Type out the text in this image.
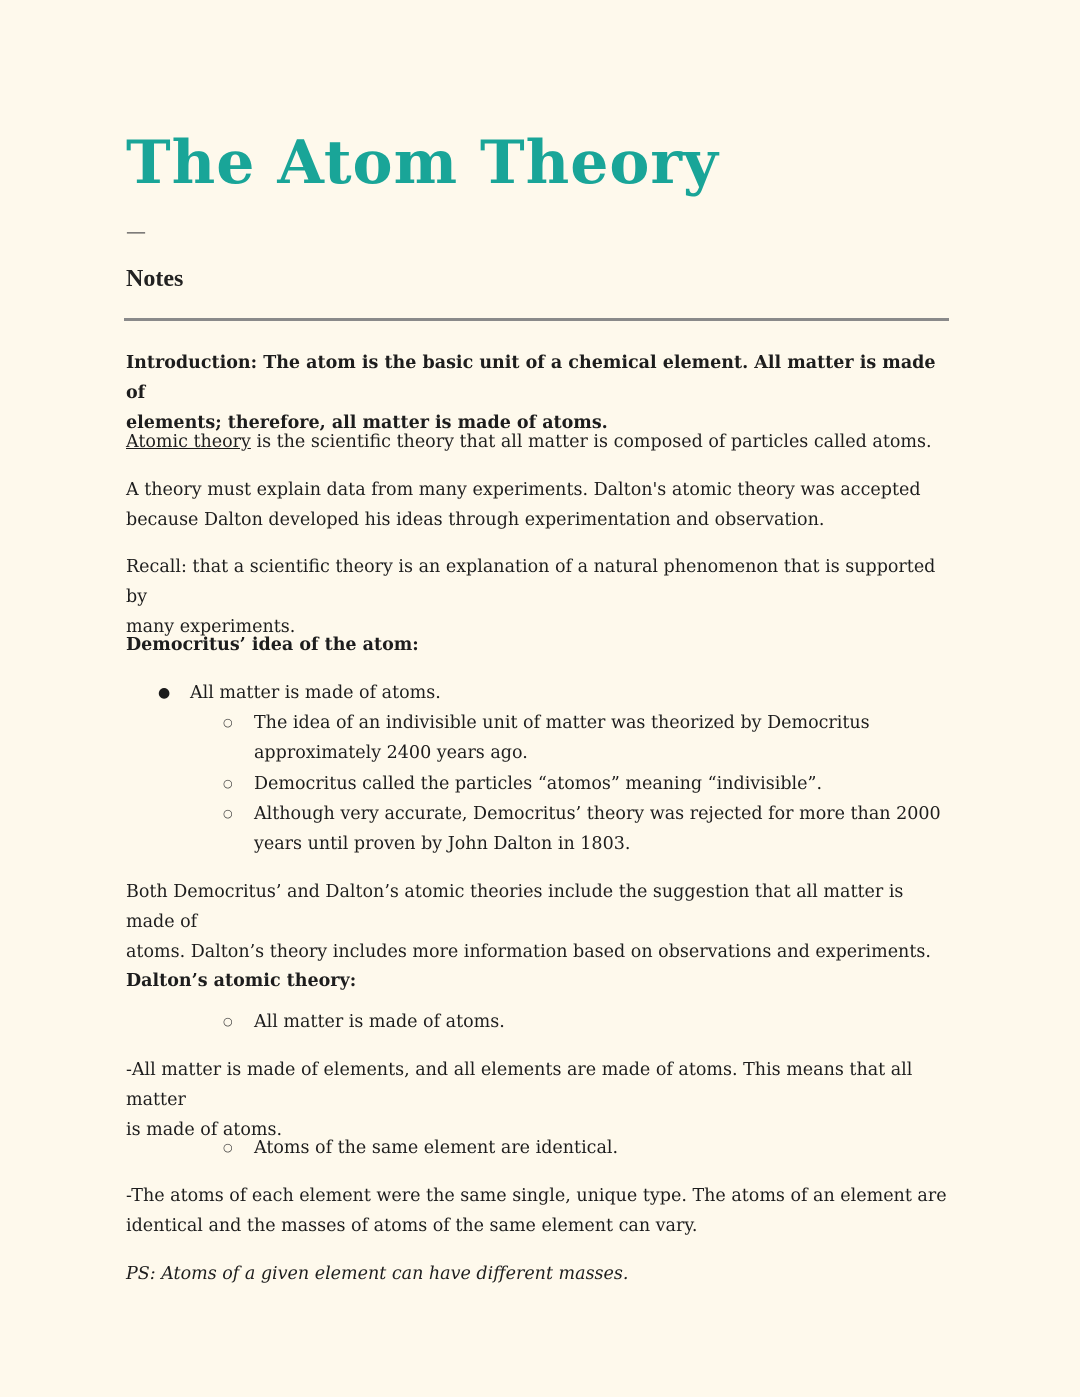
The Atom Theory
—
Notes

Introduction: The atom is the basic unit of a chemical element. All matter is made of
elements; therefore, all matter is made of atoms.

Atomic theory is the scientific theory that all matter is composed of particles called atoms.

A theory must explain data from many experiments. Dalton's atomic theory was accepted
because Dalton developed his ideas through experimentation and observation.

Recall: that a scientific theory is an explanation of a natural phenomenon that is supported by
many experiments.

Democritus’ idea of the atom:

● All matter is made of atoms.
○ The idea of an indivisible unit of matter was theorized by Democritus
approximately 2400 years ago.
○ Democritus called the particles “atomos” meaning “indivisible”.
○ Although very accurate, Democritus’ theory was rejected for more than 2000
years until proven by John Dalton in 1803.

Both Democritus’ and Dalton’s atomic theories include the suggestion that all matter is made of
atoms. Dalton’s theory includes more information based on observations and experiments.

Dalton’s atomic theory:

○ All matter is made of atoms.

-All matter is made of elements, and all elements are made of atoms. This means that all matter
is made of atoms.

○ Atoms of the same element are identical.

-The atoms of each element were the same single, unique type. The atoms of an element are
identical and the masses of atoms of the same element can vary.

PS: Atoms of a given element can have different masses.
